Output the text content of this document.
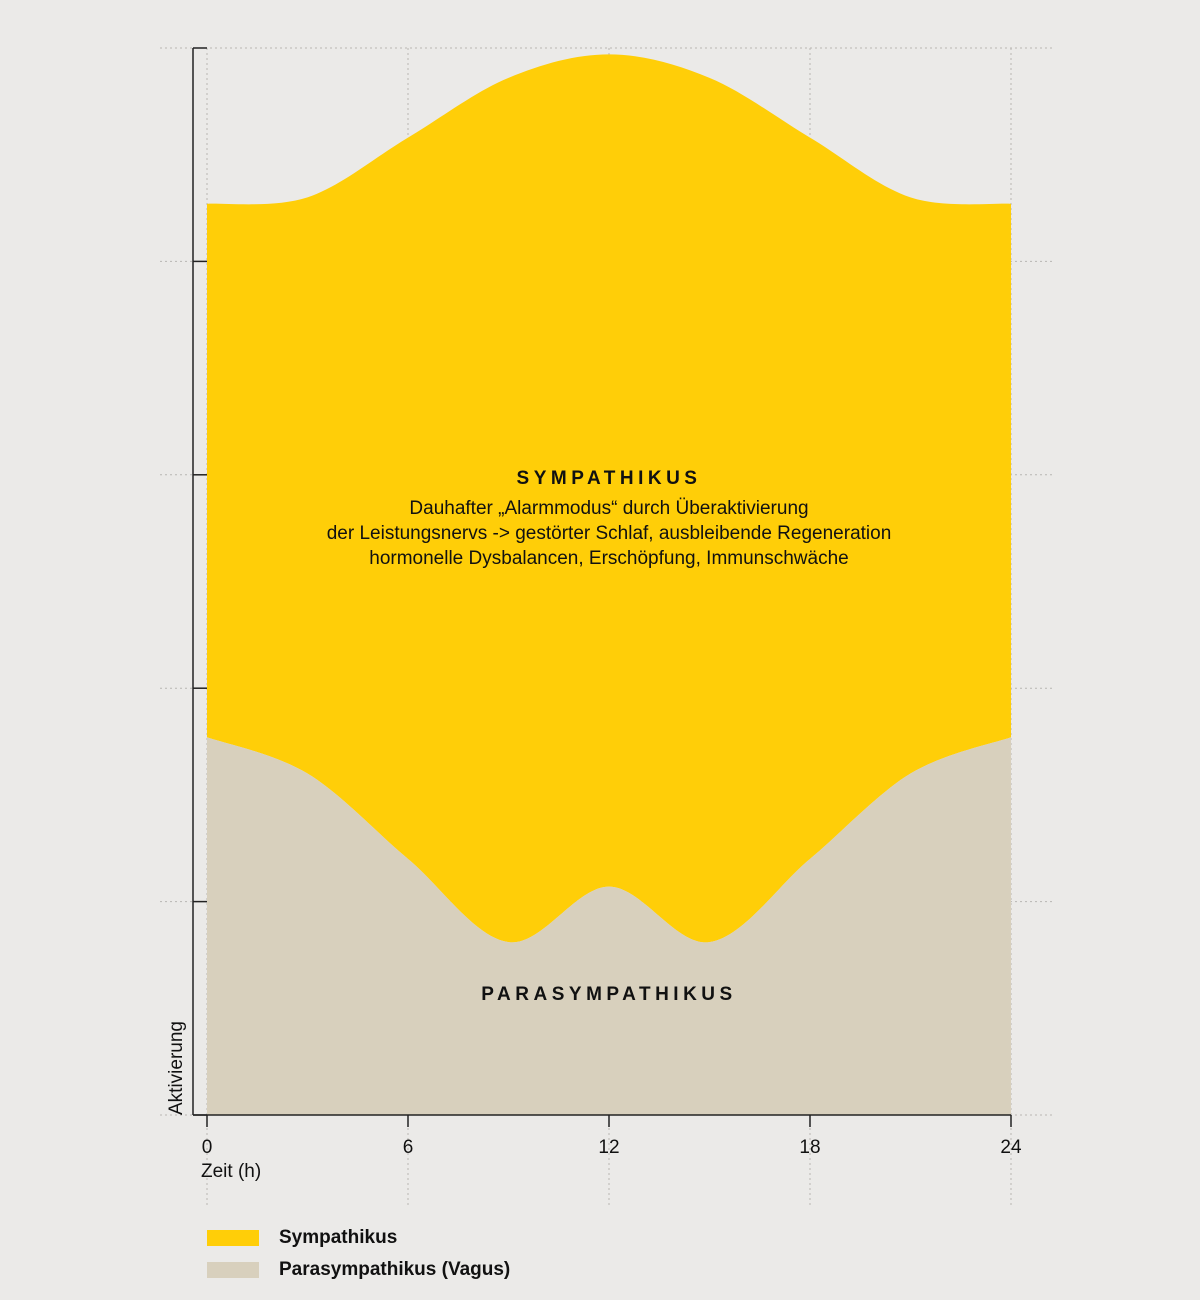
0	6	12	18	24
Zeit (h)
Aktivierung
SYMPATHIKUS
Dauhafter „Alarmmodus“ durch Überaktivierung
der Leistungsnervs -> gestörter Schlaf, ausbleibende Regeneration
hormonelle Dysbalancen, Erschöpfung, Immunschwäche
PARASYMPATHIKUS
Sympathikus
Parasympathikus (Vagus)
